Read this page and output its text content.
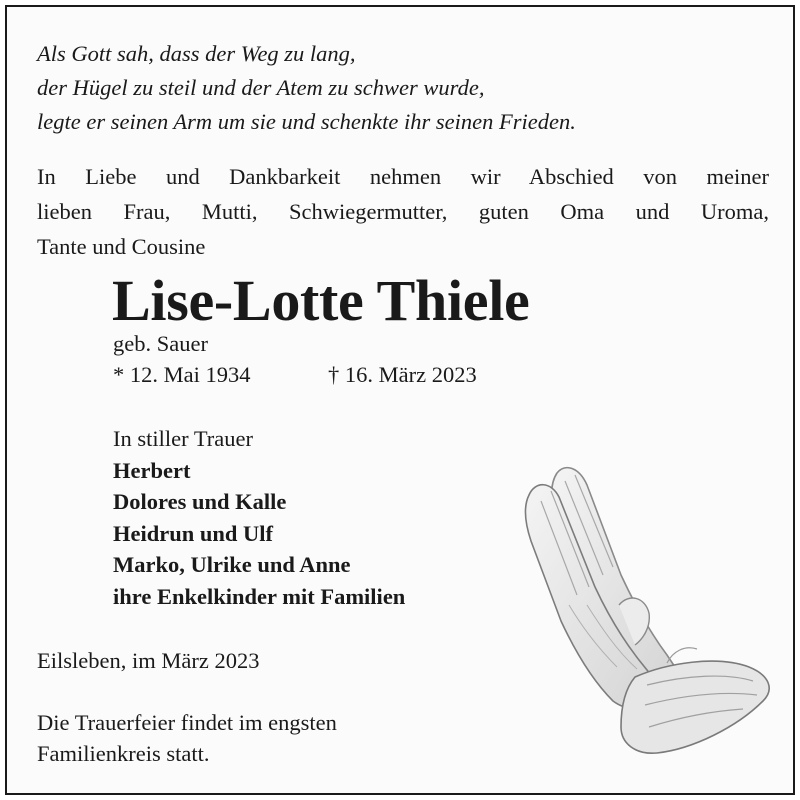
Als Gott sah, dass der Weg zu lang,
der Hügel zu steil und der Atem zu schwer wurde,
legte er seinen Arm um sie und schenkte ihr seinen Frieden.
In Liebe und Dankbarkeit nehmen wir Abschied von meiner
lieben Frau, Mutti, Schwiegermutter, guten Oma und Uroma,
Tante und Cousine
Lise-Lotte Thiele
geb. Sauer
* 12. Mai 1934	† 16. März 2023
In stiller Trauer
Herbert
Dolores und Kalle
Heidrun und Ulf
Marko, Ulrike und Anne
ihre Enkelkinder mit Familien
Eilsleben, im März 2023
Die Trauerfeier findet im engsten
Familienkreis statt.
